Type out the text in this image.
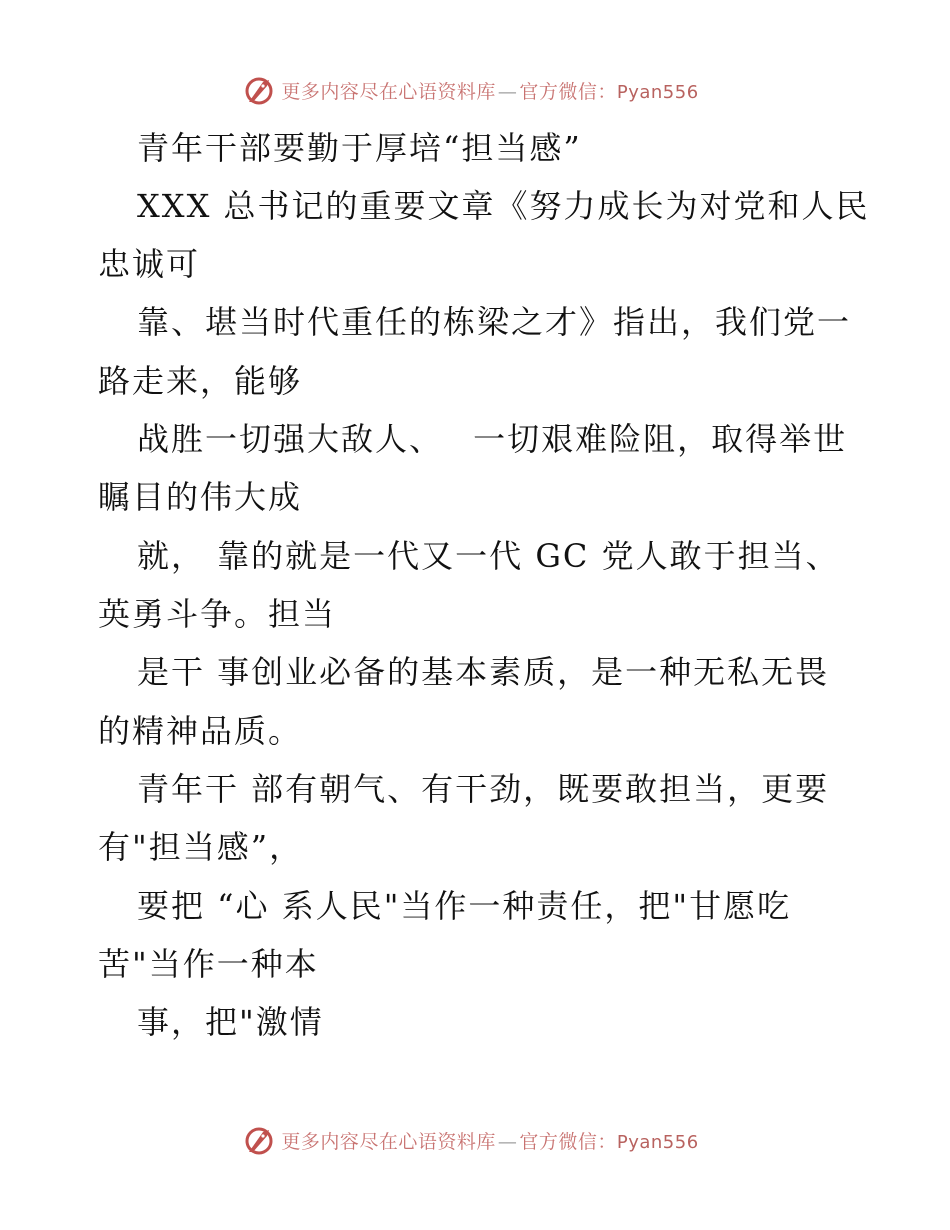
更多内容尽在心语资料库 — 官方微信：Pyan556
青年干部要勤于厚培“担当感”
XXX 总书记的重要文章《努力成长为对党和人民
忠诚可
靠、堪当时代重任的栋梁之才》指出，我们党一
路走来，能够
战胜一切强大敌人、　 一切艰难险阻，取得举世
瞩目的伟大成
就， 靠的就是一代又一代 GC 党人敢于担当、
英勇斗争。担当
是干 事创业必备的基本素质，是一种无私无畏
的精神品质。
青年干 部有朝气、有干劲，既要敢担当，更要
有"担当感”，
要把 “心 系人民"当作一种责任，把"甘愿吃
苦"当作一种本
事，把"激情
更多内容尽在心语资料库 — 官方微信：Pyan556
